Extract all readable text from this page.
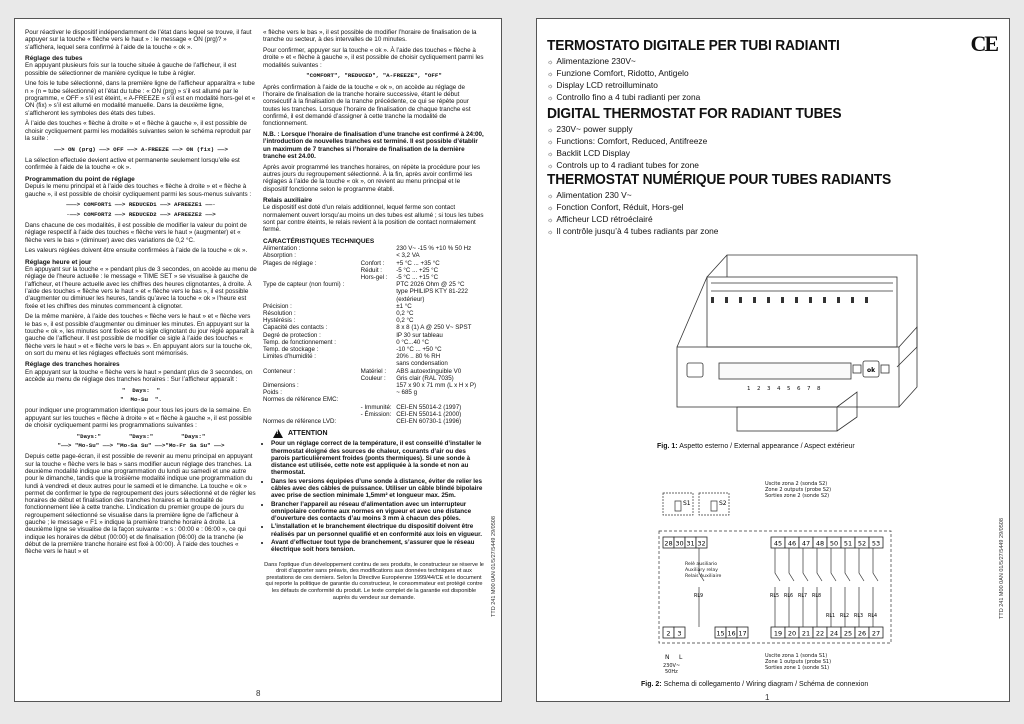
Pour réactiver le dispositif indépendamment de l’état dans lequel se trouve, il faut appuyer sur la touche « flèche vers le haut » : le message « ON (prg)? » s’affichera, lequel sera confirmé à l’aide de la touche « ok ».

Réglage des tubes

En appuyant plusieurs fois sur la touche située à gauche de l’afficheur, il est possible de sélectionner de manière cyclique le tube à régler.

Une fois le tube sélectionné, dans la première ligne de l’afficheur apparaîtra « tube n » (n = tube sélectionné) et l’état du tube : « ON (prg) » s’il est allumé par le programme, « OFF » s’il est éteint, « A-FREEZE » s’il est en modalité hors-gel et « ON (fix) » s’il est allumé en modalité manuelle. Dans la deuxième ligne, s’afficheront les symboles des états des tubes.

À l’aide des touches « flèche à droite » et « flèche à gauche », il est possible de choisir cycliquement parmi les modalités suivantes selon le schéma reproduit par la suite :

——> ON (prg) ——> OFF ——> A-FREEZE ——> ON (fix) ——>

La sélection effectuée devient active et permanente seulement lorsqu’elle est confirmée à l’aide de la touche « ok ».

Programmation du point de réglage

Depuis le menu principal et à l’aide des touches « flèche à droite » et « flèche à gauche », il est possible de choisir cycliquement parmi les sous-menus suivants :

———> COMFORT1 ——> REDUCED1 ——> AFREEZE1 ——·
·——> COMFORT2 ——> REDUCED2 ——> AFREEZE2 ——>

Dans chacune de ces modalités, il est possible de modifier la valeur du point de réglage respectif à l’aide des touches « flèche vers le haut » (augmenter) et « flèche vers le bas » (diminuer) avec des variations de 0,2 °C.

Les valeurs réglées doivent être ensuite confirmées à l’aide de la touche « ok ».

Réglage heure et jour

En appuyant sur la touche « » pendant plus de 3 secondes, on accède au menu de réglage de l’heure actuelle : le message « TIME SET » se visualise à gauche de l’afficheur, et l’heure actuelle avec les chiffres des heures clignotantes, à droite. À l’aide des touches « flèche vers le haut » et « flèche vers le bas », il est possible d’augmenter ou diminuer les heures, tandis qu’avec la touche « ok » l’heure est fixée et les chiffres des minutes commencent à clignoter.

De la même manière, à l’aide des touches « flèche vers le haut » et « flèche vers le bas », il est possible d’augmenter ou diminuer les minutes. En appuyant sur la touche « ok », les minutes sont fixées et le sigle clignotant du jour réglé apparaît à gauche de l’afficheur. Il est possible de modifier ce sigle à l’aide des touches « flèche vers le haut » et « flèche vers le bas ». En appuyant alors sur la touche ok, on sort du menu et les réglages effectués sont mémorisés.

Réglage des tranches horaires

En appuyant sur la touche « flèche vers le haut » pendant plus de 3 secondes, on accède au menu de réglage des tranches horaires : Sur l’afficheur apparaît :

"  Days:  "
"  Mo-Su  ".

pour indiquer une programmation identique pour tous les jours de la semaine. En appuyant sur les touches « flèche à droite » et « flèche à gauche », il est possible de choisir cycliquement parmi les programmations suivantes :

"Days:"        "Days:"        "Days:"
"——> "Mo-Su" ——> "Mo-Sa Su" ——>"Mo-Fr Sa Su" ——>

Depuis cette page-écran, il est possible de revenir au menu principal en appuyant sur la touche « flèche vers le bas » sans modifier aucun réglage des tranches. La deuxième modalité indique une programmation du lundi au samedi et une autre pour le dimanche, tandis que la troisième modalité indique une programmation du lundi à vendredi et deux autres pour le samedi et le dimanche. La touche « ok » permet de confirmer le type de regroupement des jours sélectionné et de régler les horaires de début et finalisation des tranches horaires et la modalité de fonctionnement liée à cette tranche. L’indication du premier groupe de jours du regroupement sélectionné se visualise dans la première ligne de l’afficheur à gauche ; le message « F1 » indique la première tranche horaire à droite. La deuxième ligne se visualise de la façon suivante : « s : 00:00 e : 06:00 », ce qui indique les horaires de début (00:00) et de finalisation (06:00) de la tranche (ie début de la première tranche horaire est fixé à 00:00). À l’aide des touches « flèche vers le haut » et

« flèche vers le bas », il est possible de modifier l’horaire de finalisation de la tranche ou secteur, à des intervalles de 10 minutes.

Pour confirmer, appuyer sur la touche « ok ». À l’aide des touches « flèche à droite » et « flèche à gauche », il est possible de choisir cycliquement parmi les modalités suivantes :

"COMFORT", "REDUCED", "A-FREEZE", "OFF"

Après confirmation à l’aide de la touche « ok », on accède au réglage de l’horaire de finalisation de la tranche horaire successive, étant le début consécutif à la finalisation de la tranche précédente, ce qui se répète pour toutes les tranches. Lorsque l’horaire de finalisation de chaque tranche est confirmé, il est demandé d’assigner à cette tranche la modalité de fonctionnement.

N.B. : Lorsque l’horaire de finalisation d’une tranche est confirmé à 24:00, l’introduction de nouvelles tranches est terminé. Il est possible d’établir un maximum de 7 tranches si l’horaire de finalisation de la dernière tranche est 24.00.

Après avoir programmé les tranches horaires, on répète la procédure pour les autres jours du regroupement sélectionné. À la fin, après avoir confirmé les réglages à l’aide de la touche « ok », on revient au menu principal et le dispositif fonctionne selon le programme établi.

Relais auxiliaire

Le dispositif est doté d’un relais additionnel, lequel ferme son contact normalement ouvert lorsqu’au moins un des tubes est allumé ; si tous les tubes sont par contre éteints, le relais revient à la position de contact normalement fermé.

CARACTÉRISTIQUES TECHNIQUES
Alimentation :		230 V~ -15 % +10 % 50 Hz
Absorption :		< 3,2 VA
Plages de réglage :	Confort :	+5 °C ... +35 °C
	Réduit :	-5 °C ... +25 °C
	Hors-gel :	-5 °C ... +15 °C
Type de capteur (non fourni) :		PTC 2026 Ohm @ 25 °C
		type PHILIPS KTY 81-222
		(extérieur)
Précision :		±1 °C
Résolution :		0,2 °C
Hystérésis :		0,2 °C
Capacité des contacts :		8 x 8 (1) A @ 250 V~ SPST
Degré de protection :		IP 30 sur tableau
Temp. de fonctionnement :		0 °C...40 °C
Temp. de stockage :		-10 °C ... +50 °C
Limites d’humidité :		20% .. 80 % RH
		sans condensation
Conteneur :	Matériel :	ABS autoextinguible V0
	Couleur :	Gris clair (RAL 7035)
Dimensions :		157 x 90 x 71 mm (L x H x P)
Poids :		~ 685 g
Normes de référence EMC:		
	- Immunité:	CEI-EN 55014-2 (1997)
	- Émission:	CEI-EN 55014-1 (2000)
Normes de référence LVD:		CEI-EN 60730-1 (1996)
!
ATTENTION
• Pour un réglage correct de la température, il est conseillé d’installer le thermostat éloigné des sources de chaleur, courants d’air ou des parois particulièrement froides (ponts thermiques). Si une sonde à distance est utilisée, cette note est appliquée à la sonde et non au thermostat.
• Dans les versions équipées d’une sonde à distance, éviter de relier les câbles avec des câbles de puissance. Utiliser un câble blindé bipolaire avec prise de section minimale 1,5mm² et longueur max. 25m.
• Brancher l’appareil au réseau d’alimentation avec un interrupteur omnipolaire conforme aux normes en vigueur et avec une distance d’ouverture des contacts d’au moins 3 mm à chacun des pôles.
• L’installation et le branchement électrique du dispositif doivent être réalisés par un personnel qualifié et en conformité aux lois en vigueur.
• Avant d’effectuer tout type de branchement, s’assurer que le réseau électrique soit hors tension.
Dans l’optique d’un développement continu de ses produits, le constructeur se réserve le droit d’apporter sans préavis, des modifications aux données techniques et aux prestations de ces derniers. Selon la Directive Européenne 1999/44/CE et le document qui reporte la politique de garantie du constructeur, le consommateur est protégé contre les défauts de conformité du produit. Le texte complet de la garantie est disponible auprès du vendeur sur demande.
8
TTD 241 M00 0AN 01/5/27/5449 29/0508
CE
TERMOSTATO DIGITALE PER TUBI RADIANTI
☼ Alimentazione 230V~
☼ Funzione Comfort, Ridotto, Antigelo
☼ Display LCD retroilluminato
☼ Controllo fino a 4 tubi radianti per zona
DIGITAL THERMOSTAT FOR RADIANT TUBES
☼ 230V~ power supply
☼ Functions: Comfort, Reduced, Antifreeze
☼ Backlit LCD Display
☼ Controls up to 4 radiant tubes for zone
THERMOSTAT NUMÉRIQUE POUR TUBES RADIANTS
☼ Alimentation 230 V~
☼ Fonction Confort, Réduit, Hors-gel
☼ Afficheur LCD rétroéclairé
☼ Il contrôle jusqu’à 4 tubes radiants par zone
1 2 3 4 5 6 7 8
ok
Fig. 1: Aspetto esterno / External appearance / Aspect extérieur
Uscite zona 2 (sonda S2)
Zone 2 outputs (probe S2)
Sorties zone 2 (sonde S2)
S1	S2
28 30 31 32	45 46 47 48 50 51 52 53
2 3	15 16 17	19 20 21 22 24 25 26 27
Relè ausiliario
Auxiliary relay
Relais Auxiliaire
RL9	RL5 RL6 RL7 RL8
RL1 RL2 RL3 RL4
N L
230V~
50Hz
Uscite zona 1 (sonda S1)
Zone 1 outputs (probe S1)
Sorties zone 1 (sonde S1)
Fig. 2: Schema di collegamento / Wiring diagram / Schéma de connexion
1
TTD 241 M00 0AN 01/5/27/5449 29/0508
